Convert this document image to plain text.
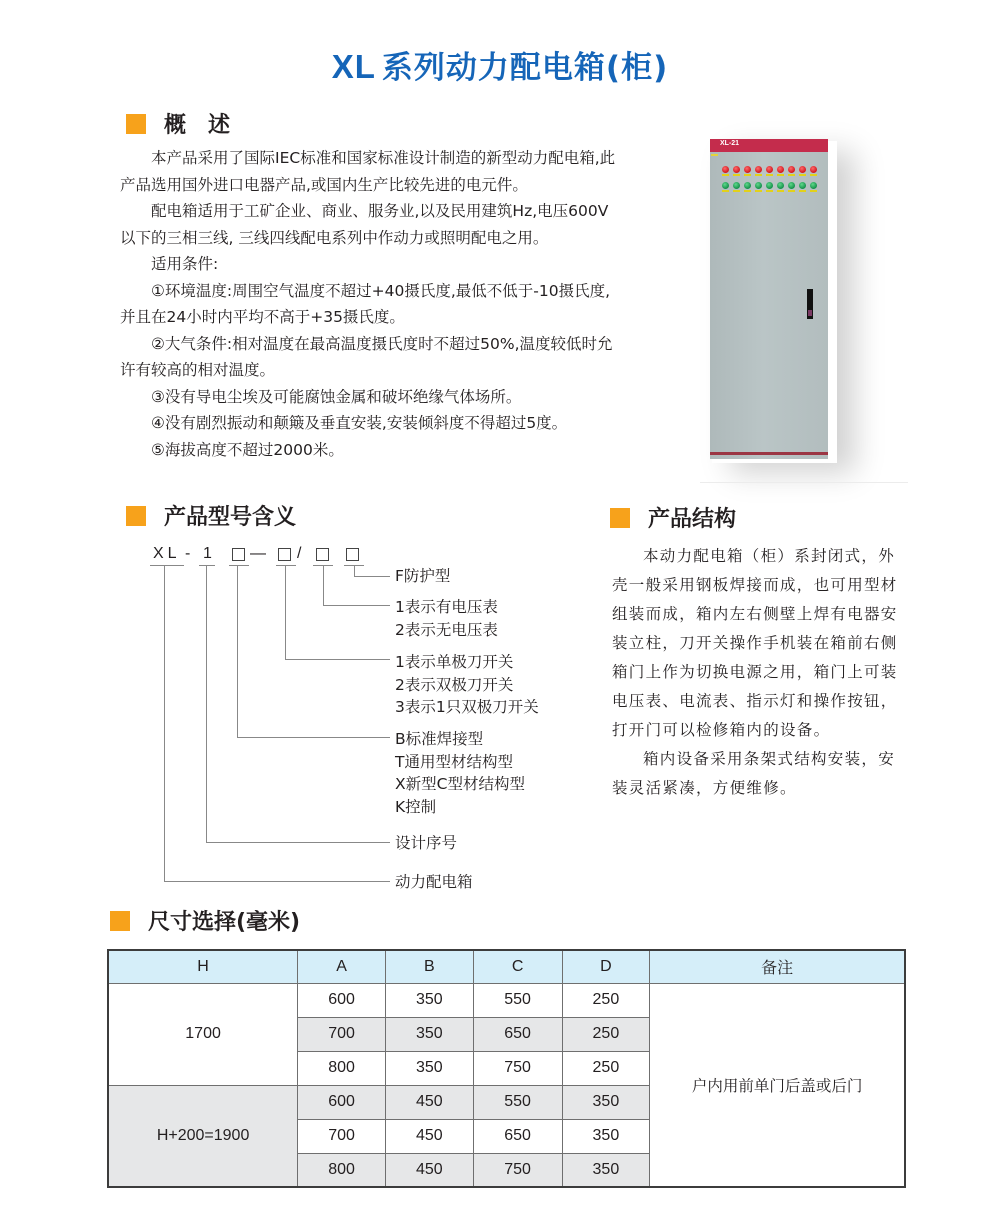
XL 系列动力配电箱(柜)
概　述

本产品采用了国际IEC标准和国家标准设计制造的新型动力配电箱,此产品选用国外进口电器产品,或国内生产比较先进的电元件。

配电箱适用于工矿企业、商业、服务业,以及民用建筑Hz,电压600V以下的三相三线, 三线四线配电系列中作动力或照明配电之用。

适用条件:

①环境温度:周围空气温度不超过+40摄氏度,最低不低于-10摄氏度,并且在24小时内平均不高于+35摄氏度。

②大气条件:相对温度在最高温度摄氏度时不超过50%,温度较低时允许有较高的相对温度。

③没有导电尘埃及可能腐蚀金属和破坏绝缘气体场所。

④没有剧烈振动和颠簸及垂直安装,安装倾斜度不得超过5度。

⑤海拔高度不超过2000米。

XL-21
产品型号含义
XL - 1 — /
F防护型
1表示有电压表
2表示无电压表
1表示单极刀开关
2表示双极刀开关
3表示1只双极刀开关
B标准焊接型
T通用型材结构型
X新型C型材结构型
K控制
设计序号
动力配电箱
产品结构

本动力配电箱（柜）系封闭式，外壳一般采用钢板焊接而成，也可用型材组装而成，箱内左右侧壁上焊有电器安装立柱，刀开关操作手机装在箱前右侧箱门上作为切换电源之用，箱门上可装电压表、电流表、指示灯和操作按钮，打开门可以检修箱内的设备。

箱内设备采用条架式结构安装，安装灵活紧凑，方便维修。

尺寸选择(毫米)
H	A	B	C	D	备注
1700	600	350	550	250	户内用前单门后盖或后门
	700	350	650	250	
	800	350	750	250	
H+200=1900	600	450	550	350	
	700	450	650	350	
	800	450	750	350	
